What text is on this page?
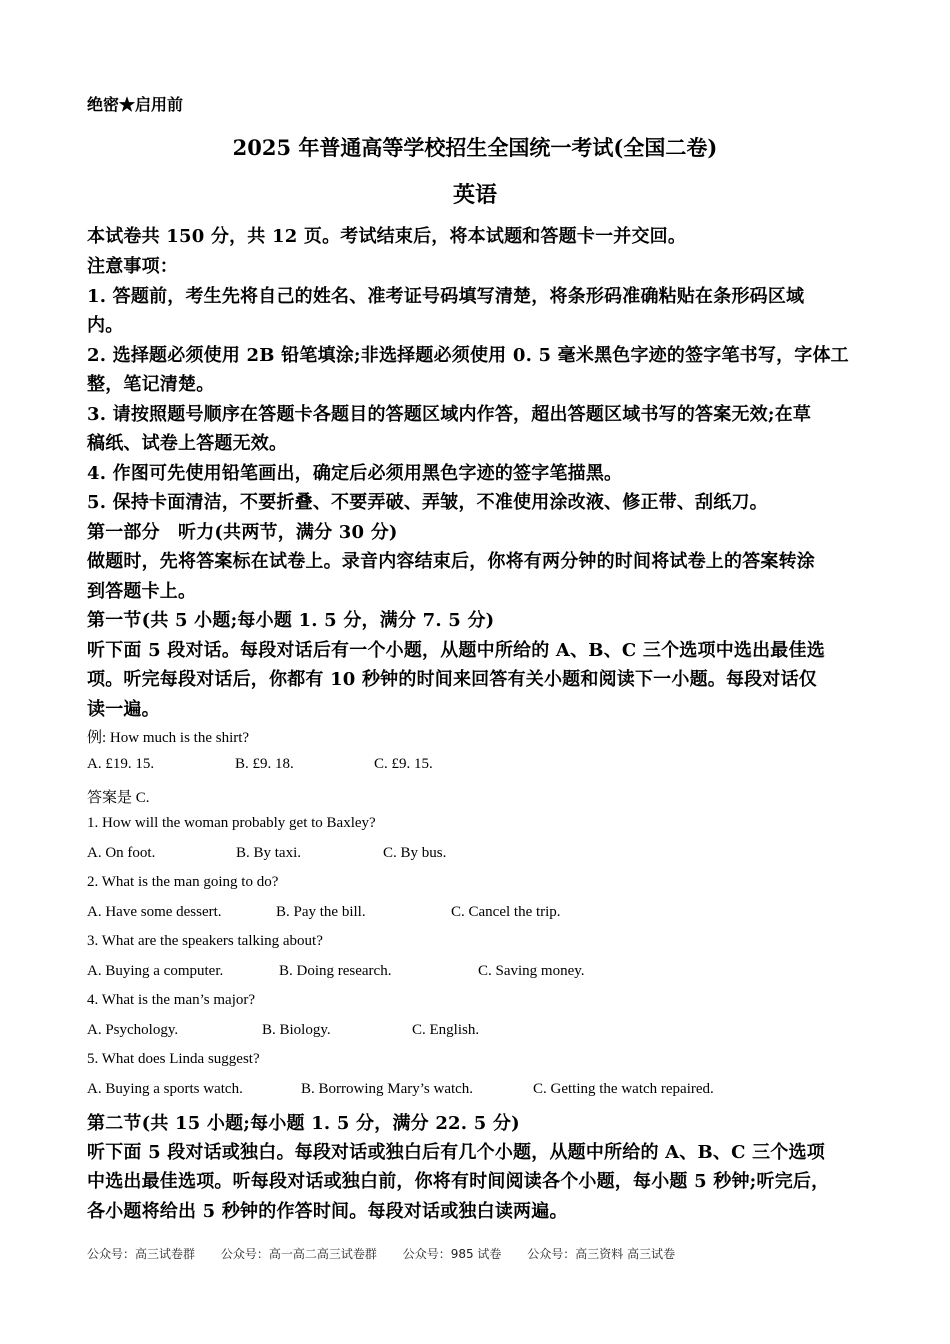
绝密★启用前
2025 年普通高等学校招生全国统一考试(全国二卷)
英语
本试卷共 150 分，共 12 页。考试结束后，将本试题和答题卡一并交回。
注意事项：
1. 答题前，考生先将自己的姓名、准考证号码填写清楚，将条形码准确粘贴在条形码区域
内。
2. 选择题必须使用 2B 铅笔填涂;非选择题必须使用 0. 5 毫米黑色字迹的签字笔书写，字体工
整，笔记清楚。
3. 请按照题号顺序在答题卡各题目的答题区域内作答，超出答题区域书写的答案无效;在草
稿纸、试卷上答题无效。
4. 作图可先使用铅笔画出，确定后必须用黑色字迹的签字笔描黑。
5. 保持卡面清洁，不要折叠、不要弄破、弄皱，不准使用涂改液、修正带、刮纸刀。
第一部分　听力(共两节，满分 30 分)
做题时，先将答案标在试卷上。录音内容结束后，你将有两分钟的时间将试卷上的答案转涂
到答题卡上。
第一节(共 5 小题;每小题 1. 5 分，满分 7. 5 分)
听下面 5 段对话。每段对话后有一个小题，从题中所给的 A、B、C 三个选项中选出最佳选
项。听完每段对话后，你都有 10 秒钟的时间来回答有关小题和阅读下一小题。每段对话仅
读一遍。
例: How much is the shirt?
A. £19. 15.	B. £9. 18.	C. £9. 15.
答案是 C.
1. How will the woman probably get to Baxley?
A. On foot.	B. By taxi.	C. By bus.
2. What is the man going to do?
A. Have some dessert.	B. Pay the bill.	C. Cancel the trip.
3. What are the speakers talking about?
A. Buying a computer.	B. Doing research.	C. Saving money.
4. What is the man’s major?
A. Psychology.	B. Biology.	C. English.
5. What does Linda suggest?
A. Buying a sports watch.	B. Borrowing Mary’s watch.	C. Getting the watch repaired.
第二节(共 15 小题;每小题 1. 5 分，满分 22. 5 分)
听下面 5 段对话或独白。每段对话或独白后有几个小题，从题中所给的 A、B、C 三个选项
中选出最佳选项。听每段对话或独白前，你将有时间阅读各个小题，每小题 5 秒钟;听完后，
各小题将给出 5 秒钟的作答时间。每段对话或独白读两遍。
公众号：高三试卷群 公众号：高一高二高三试卷群 公众号：985 试卷 公众号：高三资料 高三试卷
